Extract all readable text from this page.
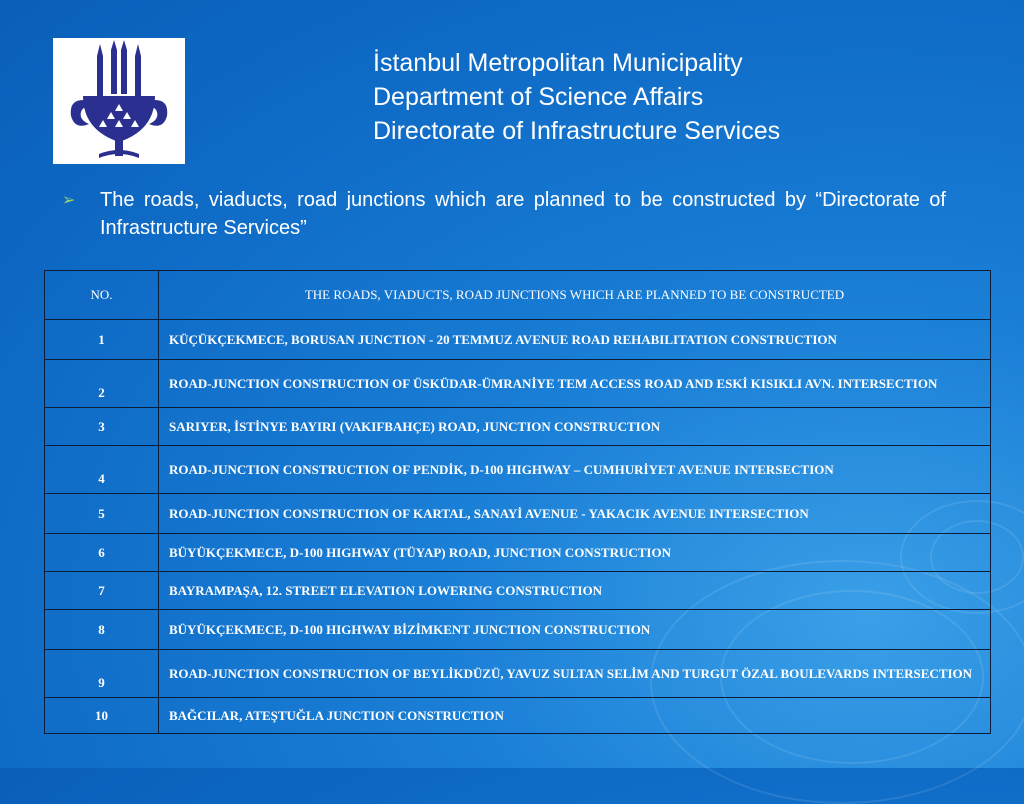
İstanbul Metropolitan Municipality
Department of Science Affairs
Directorate of Infrastructure Services
➢ The roads, viaducts, road junctions which are planned to be constructed by “Directorate of Infrastructure Services”
NO.	THE ROADS, VIADUCTS, ROAD JUNCTIONS WHICH ARE PLANNED TO BE CONSTRUCTED
1	KÜÇÜKÇEKMECE, BORUSAN JUNCTION - 20 TEMMUZ AVENUE ROAD REHABILITATION CONSTRUCTION
2	ROAD-JUNCTION CONSTRUCTION OF ÜSKÜDAR-ÜMRANİYE TEM ACCESS ROAD AND ESKİ KISIKLI AVN. INTERSECTION
3	SARIYER, İSTİNYE BAYIRI (VAKIFBAHÇE) ROAD, JUNCTION CONSTRUCTION
4	ROAD-JUNCTION CONSTRUCTION OF PENDİK, D-100 HIGHWAY – CUMHURİYET AVENUE INTERSECTION
5	ROAD-JUNCTION CONSTRUCTION OF KARTAL, SANAYİ AVENUE - YAKACIK AVENUE INTERSECTION
6	BÜYÜKÇEKMECE, D-100 HIGHWAY (TÜYAP) ROAD, JUNCTION CONSTRUCTION
7	BAYRAMPAŞA, 12. STREET ELEVATION LOWERING CONSTRUCTION
8	BÜYÜKÇEKMECE, D-100 HIGHWAY BİZİMKENT JUNCTION CONSTRUCTION
9	ROAD-JUNCTION CONSTRUCTION OF BEYLİKDÜZÜ, YAVUZ SULTAN SELİM AND TURGUT ÖZAL BOULEVARDS INTERSECTION
10	BAĞCILAR, ATEŞTUĞLA JUNCTION CONSTRUCTION
